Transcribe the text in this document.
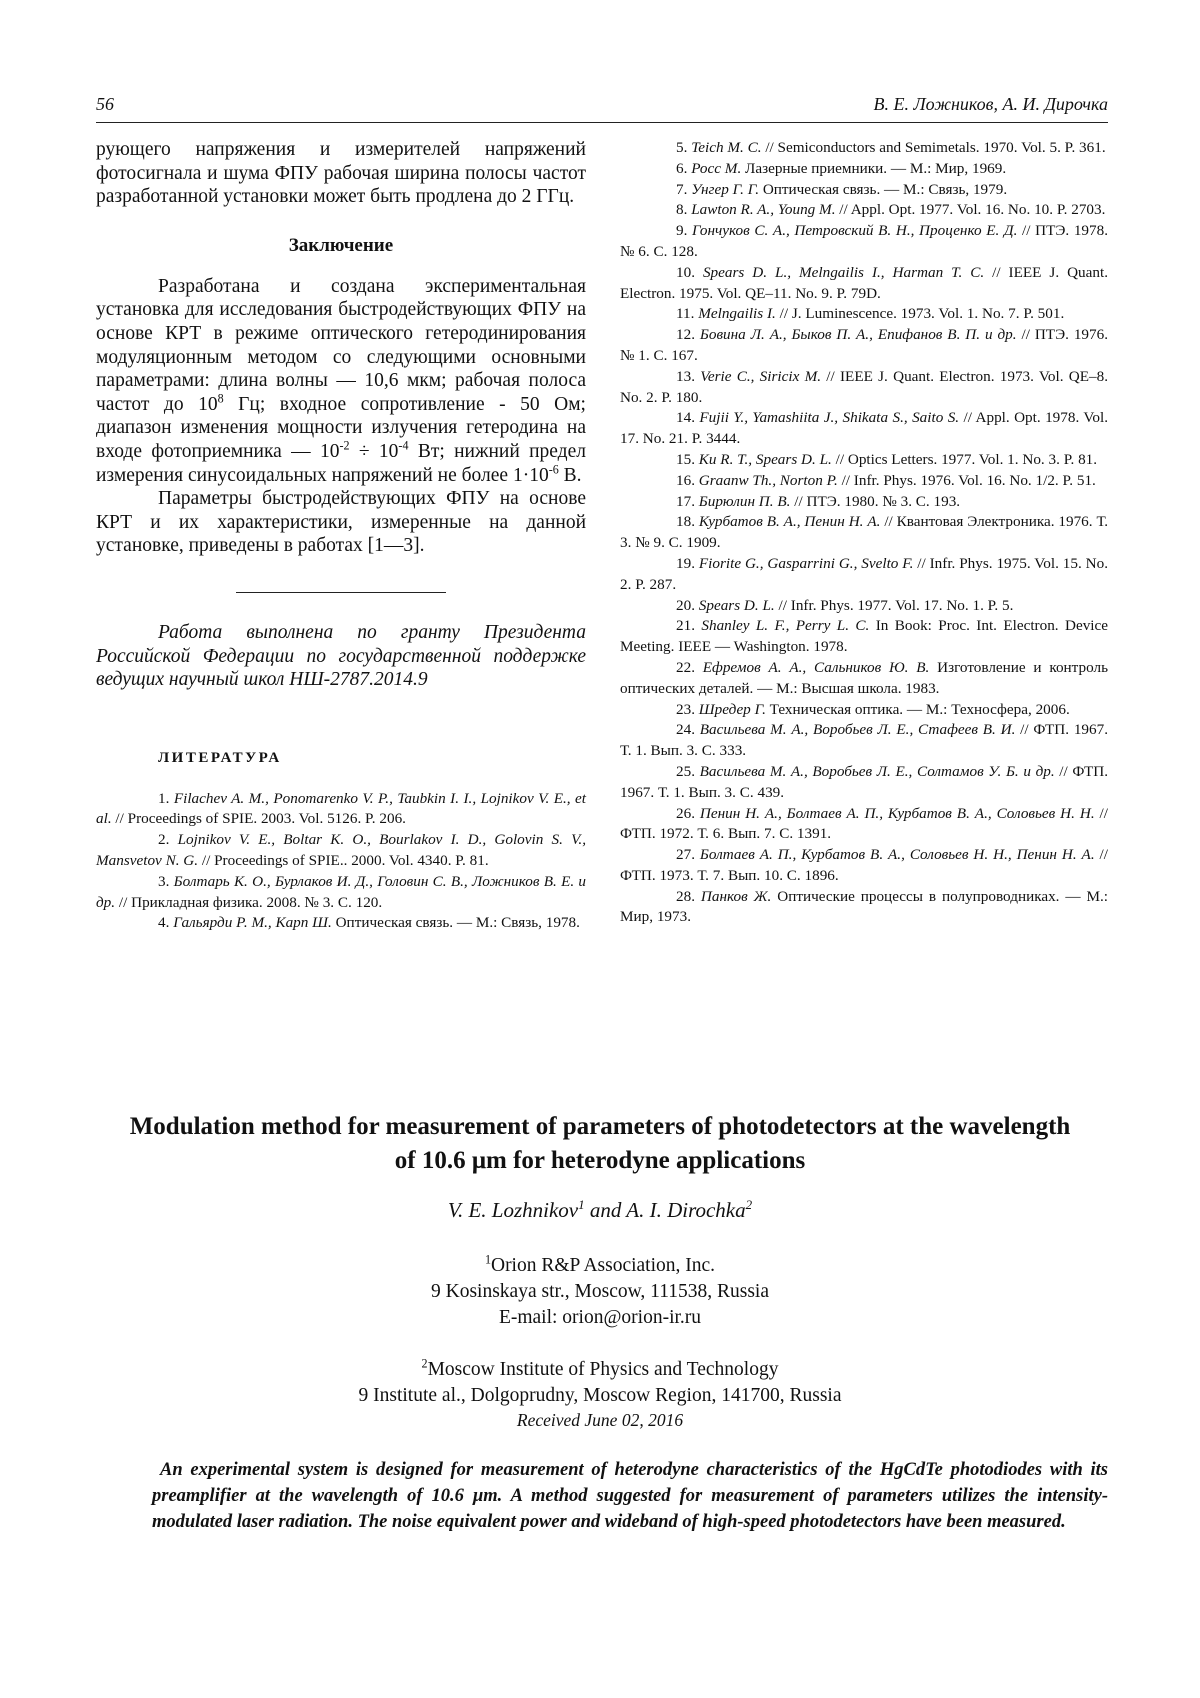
56	В. Е. Ложников, А. И. Дирочка

рующего напряжения и измерителей напряжений фотосигнала и шума ФПУ рабочая ширина полосы частот разработанной установки может быть продлена до 2 ГГц.

Заключение

Разработана и создана экспериментальная установка для исследования быстродействующих ФПУ на основе КРТ в режиме оптического гетеродинирования модуляционным методом со следующими основными параметрами: длина волны — 10,6 мкм; рабочая полоса частот до $10^8$ Гц; входное сопротивление - 50 Ом; диапазон изменения мощности излучения гетеродина на входе фотоприемника — $10^{-2} \div 10^{-4}$ Вт; нижний предел измерения синусоидальных напряжений не более $1\cdot 10^{-6}$ В.

Параметры быстродействующих ФПУ на основе КРТ и их характеристики, измеренные на данной установке, приведены в работах [1—3].

Работа выполнена по гранту Президента Российской Федерации по государственной поддержке ведущих научный школ НШ-2787.2014.9

ЛИТЕРАТУРА

1. Filachev A. M., Ponomarenko V. P., Taubkin I. I., Lojnikov V. E., et al. // Proceedings of SPIE. 2003. Vol. 5126. P. 206.

2. Lojnikov V. E., Boltar K. O., Bourlakov I. D., Golovin S. V., Mansvetov N. G. // Proceedings of SPIE.. 2000. Vol. 4340. P. 81.

3. Болтарь К. О., Бурлаков И. Д., Головин С. В., Ложников В. Е. и др. // Прикладная физика. 2008. № 3. С. 120.

4. Гальярди Р. М., Карп Ш. Оптическая связь. — М.: Связь, 1978.

5. Teich M. C. // Semiconductors and Semimetals. 1970. Vol. 5. P. 361.

6. Росс М. Лазерные приемники. — М.: Мир, 1969.

7. Унгер Г. Г. Оптическая связь. — М.: Связь, 1979.

8. Lawton R. A., Young M. // Appl. Opt. 1977. Vol. 16. No. 10. P. 2703.

9. Гончуков С. А., Петровский В. Н., Проценко Е. Д. // ПТЭ. 1978. № 6. С. 128.

10. Spears D. L., Melngailis I., Harman T. C. // IEEE J. Quant. Electron. 1975. Vol. QE–11. No. 9. P. 79D.

11. Melngailis I. // J. Luminescence. 1973. Vol. 1. No. 7. P. 501.

12. Бовина Л. А., Быков П. А., Епифанов В. П. и др. // ПТЭ. 1976. № 1. С. 167.

13. Verie C., Siricix M. // IEEE J. Quant. Electron. 1973. Vol. QE–8. No. 2. P. 180.

14. Fujii Y., Yamashiita J., Shikata S., Saito S. // Appl. Opt. 1978. Vol. 17. No. 21. P. 3444.

15. Ku R. T., Spears D. L. // Optics Letters. 1977. Vol. 1. No. 3. P. 81.

16. Graanw Th., Norton P. // Infr. Phys. 1976. Vol. 16. No. 1/2. P. 51.

17. Бирюлин П. В. // ПТЭ. 1980. № 3. С. 193.

18. Курбатов В. А., Пенин Н. А. // Квантовая Электроника. 1976. Т. 3. № 9. С. 1909.

19. Fiorite G., Gasparrini G., Svelto F. // Infr. Phys. 1975. Vol. 15. No. 2. P. 287.

20. Spears D. L. // Infr. Phys. 1977. Vol. 17. No. 1. P. 5.

21. Shanley L. F., Perry L. C. In Book: Proc. Int. Electron. Device Meeting. IEEE — Washington. 1978.

22. Ефремов А. А., Сальников Ю. В. Изготовление и контроль оптических деталей. — М.: Высшая школа. 1983.

23. Шредер Г. Техническая оптика. — М.: Техносфера, 2006.

24. Васильева М. А., Воробьев Л. Е., Стафеев В. И. // ФТП. 1967. Т. 1. Вып. 3. С. 333.

25. Васильева М. А., Воробьев Л. Е., Солтамов У. Б. и др. // ФТП. 1967. Т. 1. Вып. 3. С. 439.

26. Пенин Н. А., Болтаев А. П., Курбатов В. А., Соловьев Н. Н. // ФТП. 1972. Т. 6. Вып. 7. С. 1391.

27. Болтаев А. П., Курбатов В. А., Соловьев Н. Н., Пенин Н. А. // ФТП. 1973. Т. 7. Вып. 10. С. 1896.

28. Панков Ж. Оптические процессы в полупроводниках. — М.: Мир, 1973.

Modulation method for measurement of parameters of photodetectors at the wavelength of 10.6 μm for heterodyne applications
V. E. Lozhnikov$^1$ and A. I. Dirochka$^2$
$^1$Orion R&P Association, Inc.
9 Kosinskaya str., Moscow, 111538, Russia
E-mail: orion@orion-ir.ru
$^2$Moscow Institute of Physics and Technology
9 Institute al., Dolgoprudny, Moscow Region, 141700, Russia
Received June 02, 2016

An experimental system is designed for measurement of heterodyne characteristics of the HgCdTe photodiodes with its preamplifier at the wavelength of 10.6 μm. A method suggested for measurement of parameters utilizes the intensity-modulated laser radiation. The noise equivalent power and wideband of high-speed photodetectors have been measured.
